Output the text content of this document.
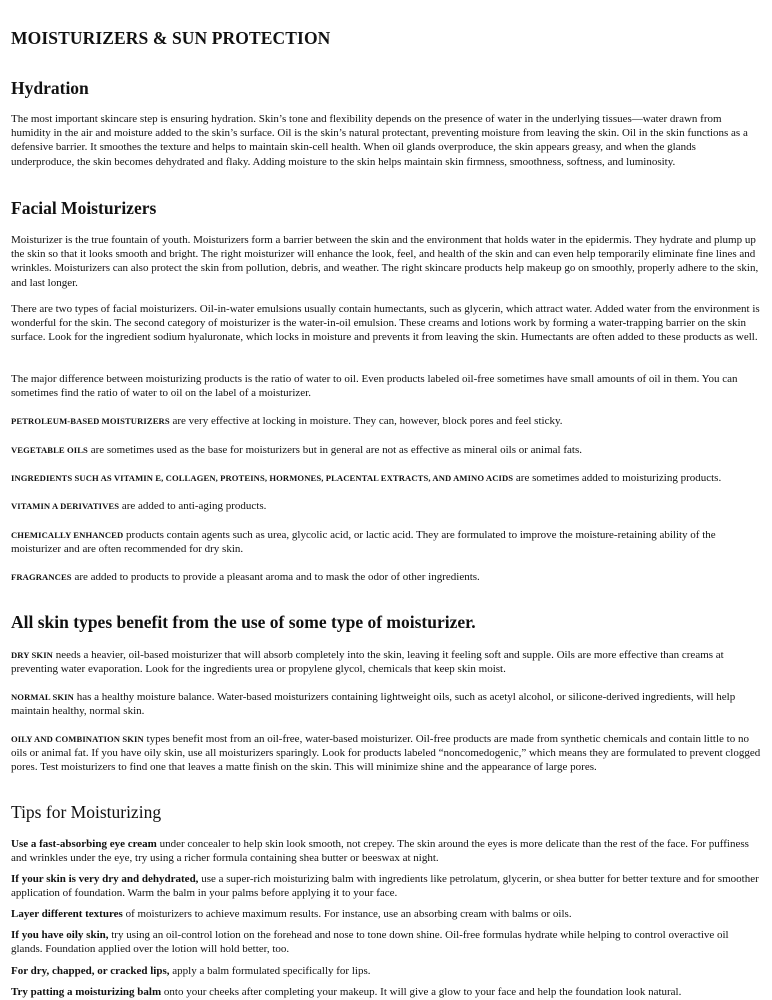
MOISTURIZERS & SUN PROTECTION
Hydration

The most important skincare step is ensuring hydration. Skin’s tone and flexibility depends on the presence of water in the underlying tissues—water drawn from humidity in the air and moisture added to the skin’s surface. Oil is the skin’s natural protectant, preventing moisture from leaving the skin. Oil in the skin functions as a defensive barrier. It smoothes the texture and helps to maintain skin-cell health. When oil glands overproduce, the skin appears greasy, and when the glands underproduce, the skin becomes dehydrated and flaky. Adding moisture to the skin helps maintain skin firmness, smoothness, softness, and luminosity.

Facial Moisturizers

Moisturizer is the true fountain of youth. Moisturizers form a barrier between the skin and the environment that holds water in the epidermis. They hydrate and plump up the skin so that it looks smooth and bright. The right moisturizer will enhance the look, feel, and health of the skin and can even help temporarily eliminate fine lines and wrinkles. Moisturizers can also protect the skin from pollution, debris, and weather. The right skincare products help makeup go on smoothly, properly adhere to the skin, and last longer.

There are two types of facial moisturizers. Oil-in-water emulsions usually contain humectants, such as glycerin, which attract water. Added water from the environment is wonderful for the skin. The second category of moisturizer is the water-in-oil emulsion. These creams and lotions work by forming a water-trapping barrier on the skin surface. Look for the ingredient sodium hyaluronate, which locks in moisture and prevents it from leaving the skin. Humectants are often added to these products as well.

The major difference between moisturizing products is the ratio of water to oil. Even products labeled oil-free sometimes have small amounts of oil in them. You can sometimes find the ratio of water to oil on the label of a moisturizer.

PETROLEUM-BASED MOISTURIZERS are very effective at locking in moisture. They can, however, block pores and feel sticky.

VEGETABLE OILS are sometimes used as the base for moisturizers but in general are not as effective as mineral oils or animal fats.

INGREDIENTS SUCH AS VITAMIN E, COLLAGEN, PROTEINS, HORMONES, PLACENTAL EXTRACTS, AND AMINO ACIDS are sometimes added to moisturizing products.

VITAMIN A DERIVATIVES are added to anti-aging products.

CHEMICALLY ENHANCED products contain agents such as urea, glycolic acid, or lactic acid. They are formulated to improve the moisture-retaining ability of the moisturizer and are often recommended for dry skin.

FRAGRANCES are added to products to provide a pleasant aroma and to mask the odor of other ingredients.

All skin types benefit from the use of some type of moisturizer.

DRY SKIN needs a heavier, oil-based moisturizer that will absorb completely into the skin, leaving it feeling soft and supple. Oils are more effective than creams at preventing water evaporation. Look for the ingredients urea or propylene glycol, chemicals that keep skin moist.

NORMAL SKIN has a healthy moisture balance. Water-based moisturizers containing lightweight oils, such as acetyl alcohol, or silicone-derived ingredients, will help maintain healthy, normal skin.

OILY AND COMBINATION SKIN types benefit most from an oil-free, water-based moisturizer. Oil-free products are made from synthetic chemicals and contain little to no oils or animal fat. If you have oily skin, use all moisturizers sparingly. Look for products labeled “noncomedogenic,” which means they are formulated to prevent clogged pores. Test moisturizers to find one that leaves a matte finish on the skin. This will minimize shine and the appearance of large pores.

Tips for Moisturizing

Use a fast-absorbing eye cream under concealer to help skin look smooth, not crepey. The skin around the eyes is more delicate than the rest of the face. For puffiness and wrinkles under the eye, try using a richer formula containing shea butter or beeswax at night.

If your skin is very dry and dehydrated, use a super-rich moisturizing balm with ingredients like petrolatum, glycerin, or shea butter for better texture and for smoother application of foundation. Warm the balm in your palms before applying it to your face.

Layer different textures of moisturizers to achieve maximum results. For instance, use an absorbing cream with balms or oils.

If you have oily skin, try using an oil-control lotion on the forehead and nose to tone down shine. Oil-free formulas hydrate while helping to control overactive oil glands. Foundation applied over the lotion will hold better, too.

For dry, chapped, or cracked lips, apply a balm formulated specifically for lips.

Try patting a moisturizing balm onto your cheeks after completing your makeup. It will give a glow to your face and help the foundation look natural.
